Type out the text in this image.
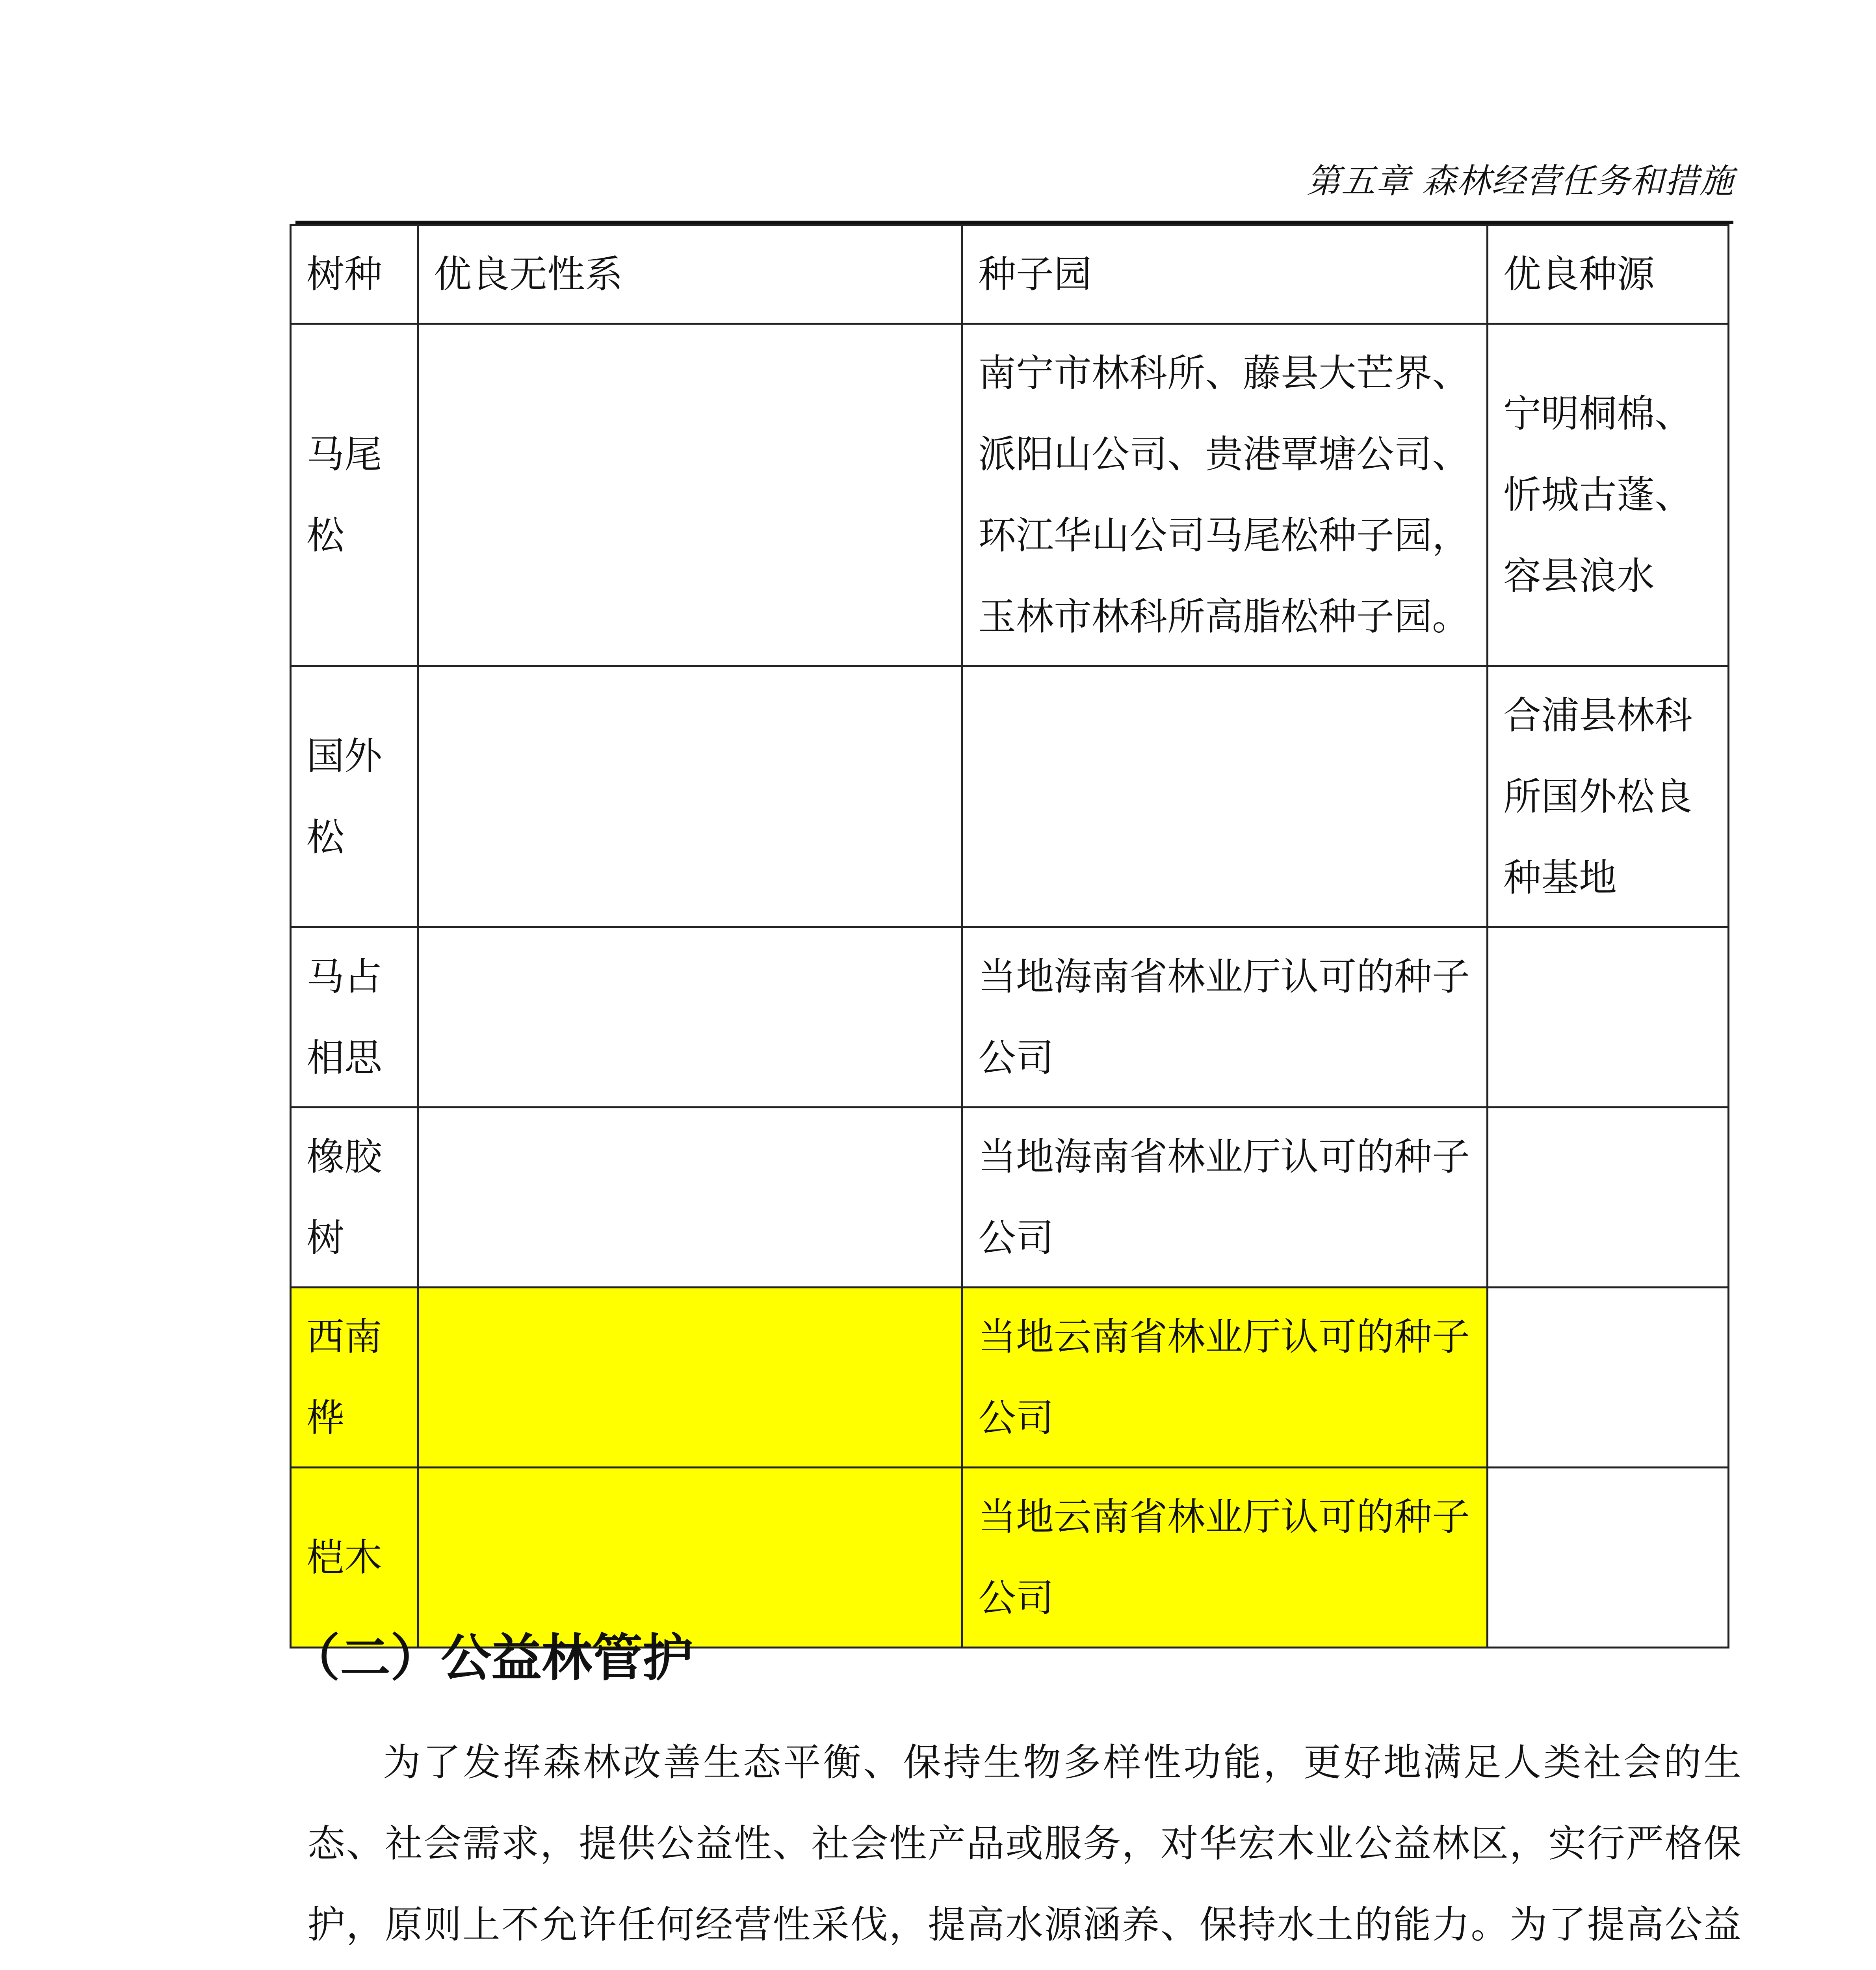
第五章 森林经营任务和措施
树种	优良无性系	种子园	优良种源
马尾松		南宁市林科所、藤县大芒界、派阳山公司、贵港覃塘公司、环江华山公司马尾松种子园，玉林市林科所高脂松种子园。	宁明桐棉、忻城古蓬、容县浪水
国外松			合浦县林科所国外松良种基地
马占相思		当地海南省林业厅认可的种子公司	
橡胶树		当地海南省林业厅认可的种子公司	
西南桦		当地云南省林业厅认可的种子公司	
桤木		当地云南省林业厅认可的种子公司	
（二）公益林管护
为了发挥森林改善生态平衡、保持生物多样性功能，更好地满足人类社会的生态、社会需求，提供公益性、社会性产品或服务，对华宏木业公益林区，实行严格保护，原则上不允许任何经营性采伐，提高水源涵养、保持水土的能力。为了提高公益
